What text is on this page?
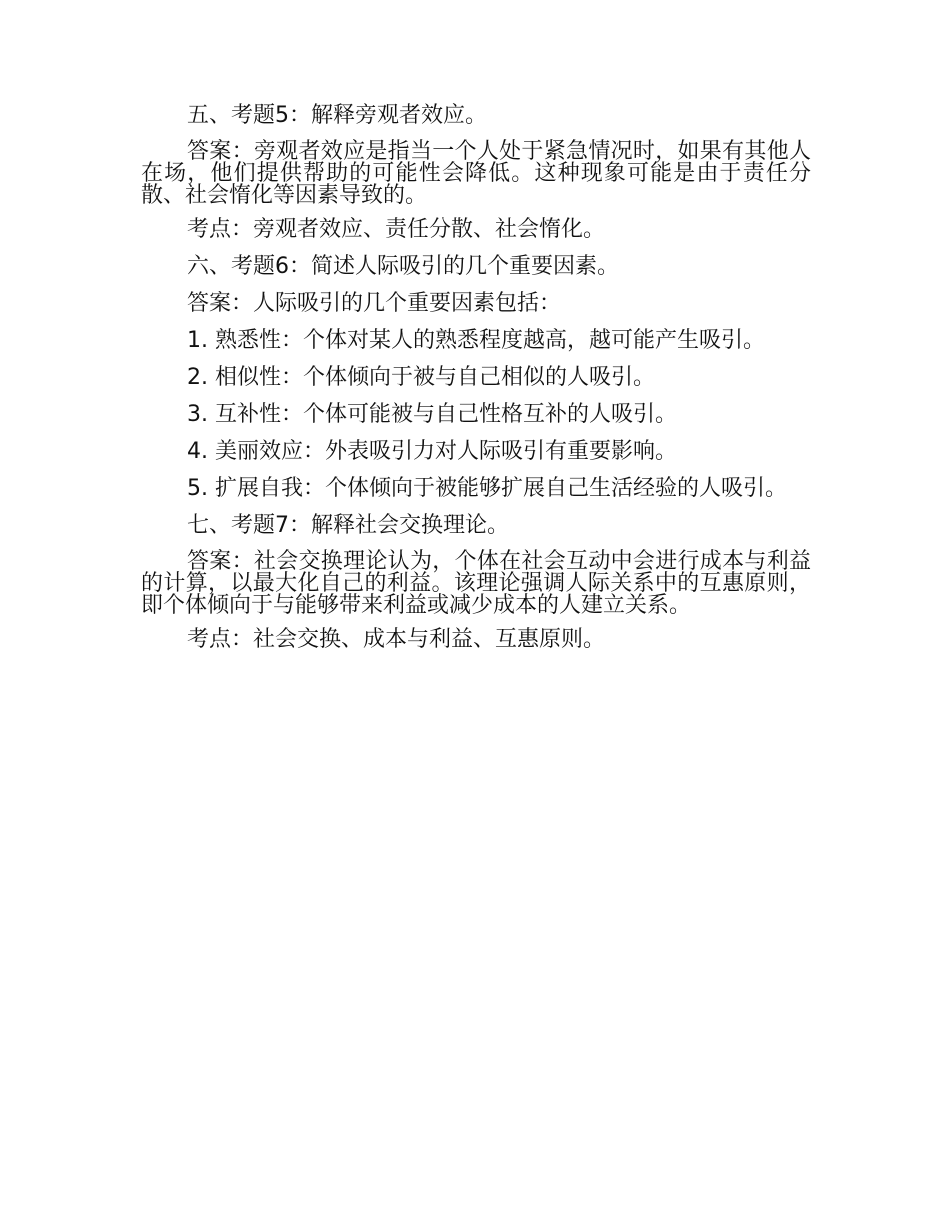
五、考题5：解释旁观者效应。

答案：旁观者效应是指当一个人处于紧急情况时，如果有其他人在场，他们提供帮助的可能性会降低。这种现象可能是由于责任分散、社会惰化等因素导致的。

考点：旁观者效应、责任分散、社会惰化。

六、考题6：简述人际吸引的几个重要因素。

答案：人际吸引的几个重要因素包括：

1. 熟悉性：个体对某人的熟悉程度越高，越可能产生吸引。

2. 相似性：个体倾向于被与自己相似的人吸引。

3. 互补性：个体可能被与自己性格互补的人吸引。

4. 美丽效应：外表吸引力对人际吸引有重要影响。

5. 扩展自我：个体倾向于被能够扩展自己生活经验的人吸引。

七、考题7：解释社会交换理论。

答案：社会交换理论认为，个体在社会互动中会进行成本与利益的计算，以最大化自己的利益。该理论强调人际关系中的互惠原则，即个体倾向于与能够带来利益或减少成本的人建立关系。

考点：社会交换、成本与利益、互惠原则。
